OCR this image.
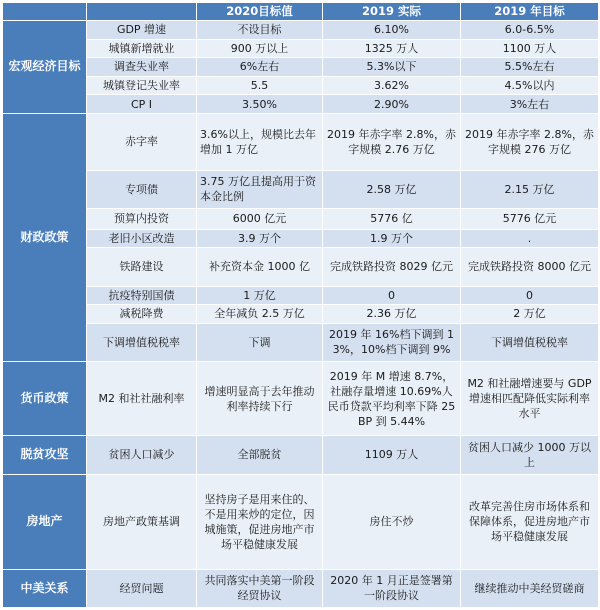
		2020目标值	2019 实际	2019 年目标
宏观经济目标	GDP 增速	不设目标	6.10%	6.0-6.5%
	城镇新增就业	900 万以上	1325 万人	1100 万人
	调查失业率	6%左右	5.3%以下	5.5%左右
	城镇登记失业率	5.5	3.62%	4.5%以内
	CP I	3.50%	2.90%	3%左右
财政政策	赤字率	3.6%以上，规模比去年增加 1 万亿	2019 年赤字率 2.8%，赤字规模 2.76 万亿	2019 年赤字率 2.8%，赤字规模 276 万亿
	专项债	3.75 万亿且提高用于资本金比例	2.58 万亿	2.15 万亿
	预算内投资	6000 亿元	5776 亿	5776 亿元
	老旧小区改造	3.9 万个	1.9 万个	.
	铁路建设	补充资本金 1000 亿	完成铁路投资 8029 亿元	完成铁路投资 8000 亿元
	抗疫特别国债	1 万亿	0	0
	减税降费	全年减负 2.5 万亿	2.36 万亿	2 万亿
	下调增值税税率	下调	2019 年 16%档下调到 13%，10%档下调到 9%	下调增值税税率
货币政策	M2 和社社融利率	增速明显高于去年推动利率持续下行	2019 年 M 增速 8.7%，社融存量增速 10.69%人民币贷款平均利率下降 25BP 到 5.44%	M2 和社融增速要与 GDP 增速相匹配降低实际利率水平
脱贫攻坚	贫困人口减少	全部脱贫	1109 万人	贫困人口减少 1000 万以上
房地产	房地产政策基调	坚持房子是用来住的、不是用来炒的定位，因城施策，促进房地产市场平稳健康发展	房住不炒	改革完善住房市场体系和保障体系，促进房地产市场平稳健康发展
中美关系	经贸问题	共同落实中美第一阶段经贸协议	2020 年 1 月正是签署第一阶段协议	继续推动中美经贸磋商
